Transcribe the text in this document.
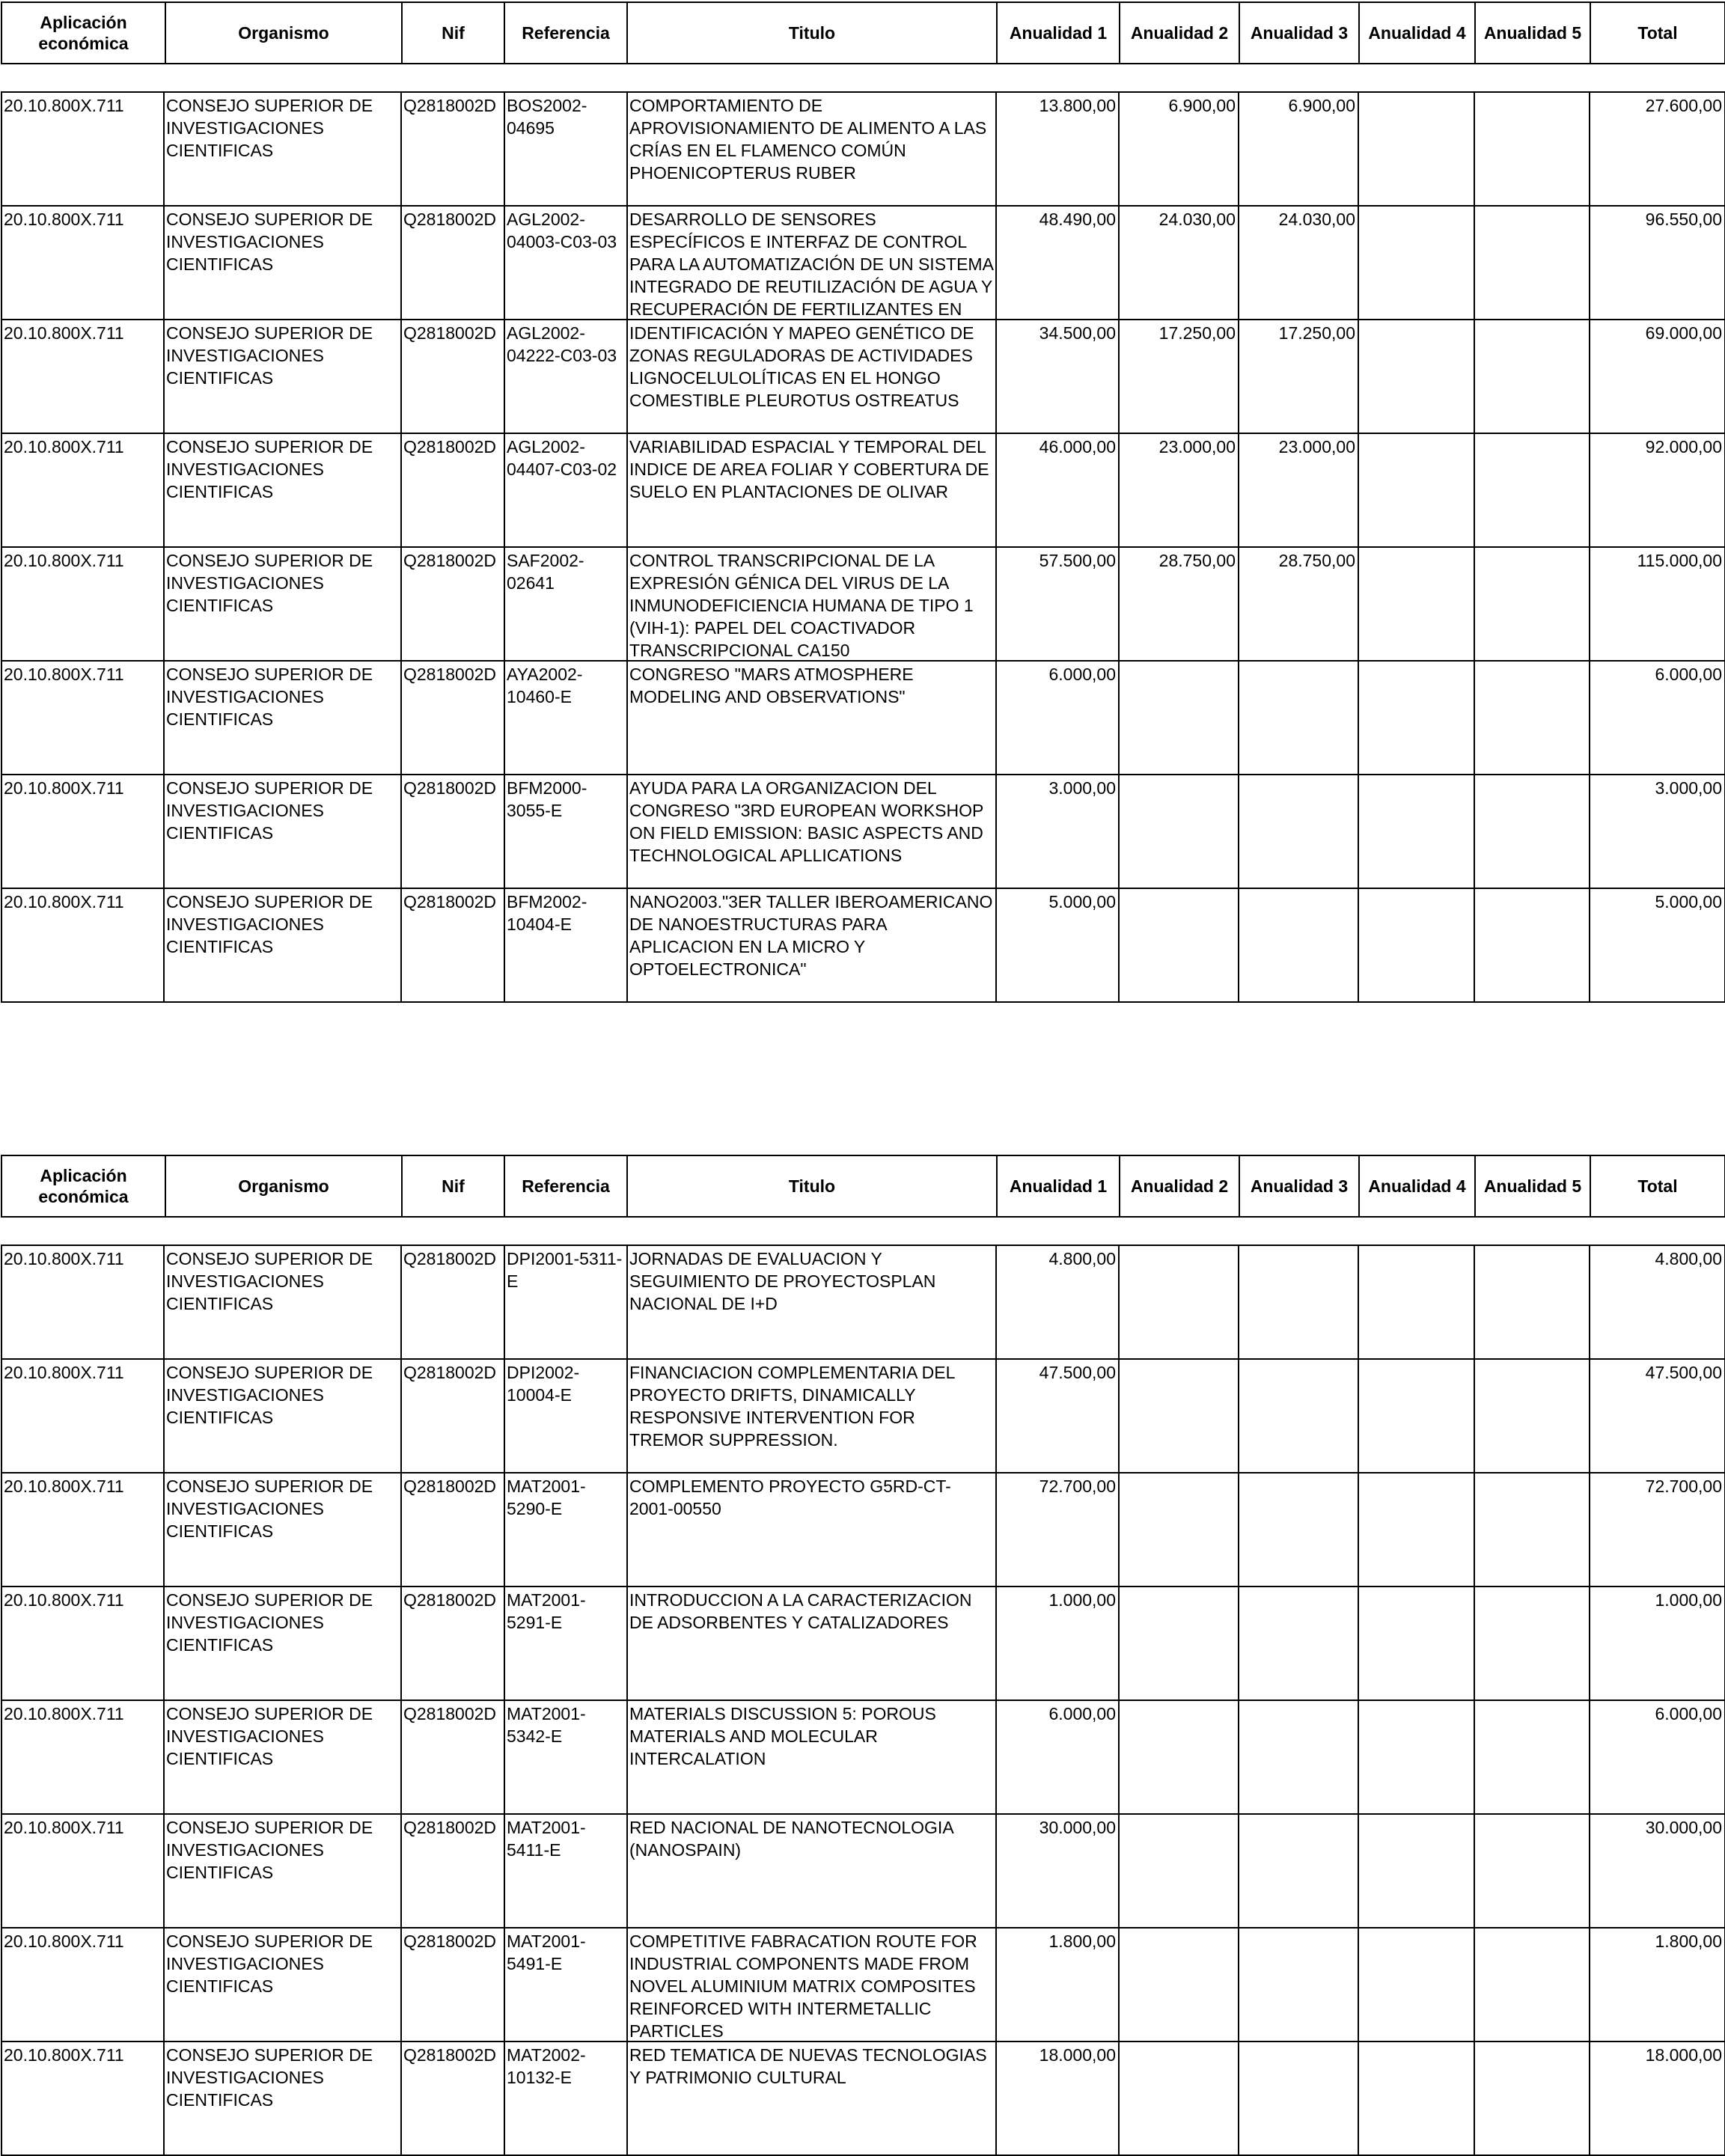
Aplicación económica	Organismo	Nif	Referencia	Titulo	Anualidad 1	Anualidad 2	Anualidad 3	Anualidad 4	Anualidad 5	Total
20.10.800X.711	CONSEJO SUPERIOR DE INVESTIGACIONES CIENTIFICAS	Q2818002D	BOS2002-04695	COMPORTAMIENTO DE APROVISIONAMIENTO DE ALIMENTO A LAS CRÍAS EN EL FLAMENCO COMÚN PHOENICOPTERUS RUBER	13.800,00	6.900,00	6.900,00			27.600,00

20.10.800X.711	CONSEJO SUPERIOR DE INVESTIGACIONES CIENTIFICAS	Q2818002D	AGL2002-04003-C03-03	DESARROLLO DE SENSORES ESPECÍFICOS E INTERFAZ DE CONTROL PARA LA AUTOMATIZACIÓN DE UN SISTEMA INTEGRADO DE REUTILIZACIÓN DE AGUA Y RECUPERACIÓN DE FERTILIZANTES EN	48.490,00	24.030,00	24.030,00			96.550,00

20.10.800X.711	CONSEJO SUPERIOR DE INVESTIGACIONES CIENTIFICAS	Q2818002D	AGL2002-04222-C03-03	IDENTIFICACIÓN Y MAPEO GENÉTICO DE ZONAS REGULADORAS DE ACTIVIDADES LIGNOCELULOLÍTICAS EN EL HONGO COMESTIBLE PLEUROTUS OSTREATUS	34.500,00	17.250,00	17.250,00			69.000,00

20.10.800X.711	CONSEJO SUPERIOR DE INVESTIGACIONES CIENTIFICAS	Q2818002D	AGL2002-04407-C03-02	VARIABILIDAD ESPACIAL Y TEMPORAL DEL INDICE DE AREA FOLIAR Y COBERTURA DE SUELO EN PLANTACIONES DE OLIVAR	46.000,00	23.000,00	23.000,00			92.000,00

20.10.800X.711	CONSEJO SUPERIOR DE INVESTIGACIONES CIENTIFICAS	Q2818002D	SAF2002-02641	CONTROL TRANSCRIPCIONAL DE LA EXPRESIÓN GÉNICA DEL VIRUS DE LA INMUNODEFICIENCIA HUMANA DE TIPO 1 (VIH-1): PAPEL DEL COACTIVADOR TRANSCRIPCIONAL CA150	57.500,00	28.750,00	28.750,00			115.000,00

20.10.800X.711	CONSEJO SUPERIOR DE INVESTIGACIONES CIENTIFICAS	Q2818002D	AYA2002-10460-E	CONGRESO "MARS ATMOSPHERE MODELING AND OBSERVATIONS"	6.000,00					6.000,00

20.10.800X.711	CONSEJO SUPERIOR DE INVESTIGACIONES CIENTIFICAS	Q2818002D	BFM2000-3055-E	AYUDA PARA LA ORGANIZACION DEL CONGRESO "3RD EUROPEAN WORKSHOP ON FIELD EMISSION: BASIC ASPECTS AND TECHNOLOGICAL APLLICATIONS	3.000,00					3.000,00

20.10.800X.711	CONSEJO SUPERIOR DE INVESTIGACIONES CIENTIFICAS	Q2818002D	BFM2002-10404-E	NANO2003."3ER TALLER IBEROAMERICANO DE NANOESTRUCTURAS PARA APLICACION EN LA MICRO Y OPTOELECTRONICA"	5.000,00					5.000,00
Aplicación económica	Organismo	Nif	Referencia	Titulo	Anualidad 1	Anualidad 2	Anualidad 3	Anualidad 4	Anualidad 5	Total
20.10.800X.711	CONSEJO SUPERIOR DE INVESTIGACIONES CIENTIFICAS	Q2818002D	DPI2001-5311-E	JORNADAS DE EVALUACION Y SEGUIMIENTO DE PROYECTOSPLAN NACIONAL DE I+D	4.800,00					4.800,00

20.10.800X.711	CONSEJO SUPERIOR DE INVESTIGACIONES CIENTIFICAS	Q2818002D	DPI2002-10004-E	FINANCIACION COMPLEMENTARIA DEL PROYECTO DRIFTS, DINAMICALLY RESPONSIVE INTERVENTION FOR TREMOR SUPPRESSION.	47.500,00					47.500,00

20.10.800X.711	CONSEJO SUPERIOR DE INVESTIGACIONES CIENTIFICAS	Q2818002D	MAT2001-5290-E	COMPLEMENTO PROYECTO G5RD-CT-2001-00550	72.700,00					72.700,00

20.10.800X.711	CONSEJO SUPERIOR DE INVESTIGACIONES CIENTIFICAS	Q2818002D	MAT2001-5291-E	INTRODUCCION A LA CARACTERIZACION DE ADSORBENTES Y CATALIZADORES	1.000,00					1.000,00

20.10.800X.711	CONSEJO SUPERIOR DE INVESTIGACIONES CIENTIFICAS	Q2818002D	MAT2001-5342-E	MATERIALS DISCUSSION 5: POROUS MATERIALS AND MOLECULAR INTERCALATION	6.000,00					6.000,00

20.10.800X.711	CONSEJO SUPERIOR DE INVESTIGACIONES CIENTIFICAS	Q2818002D	MAT2001-5411-E	RED NACIONAL DE NANOTECNOLOGIA (NANOSPAIN)	30.000,00					30.000,00

20.10.800X.711	CONSEJO SUPERIOR DE INVESTIGACIONES CIENTIFICAS	Q2818002D	MAT2001-5491-E	COMPETITIVE FABRACATION ROUTE FOR INDUSTRIAL COMPONENTS MADE FROM NOVEL ALUMINIUM MATRIX COMPOSITES REINFORCED WITH INTERMETALLIC PARTICLES	1.800,00					1.800,00

20.10.800X.711	CONSEJO SUPERIOR DE INVESTIGACIONES CIENTIFICAS	Q2818002D	MAT2002-10132-E	RED TEMATICA DE NUEVAS TECNOLOGIAS Y PATRIMONIO CULTURAL	18.000,00					18.000,00
